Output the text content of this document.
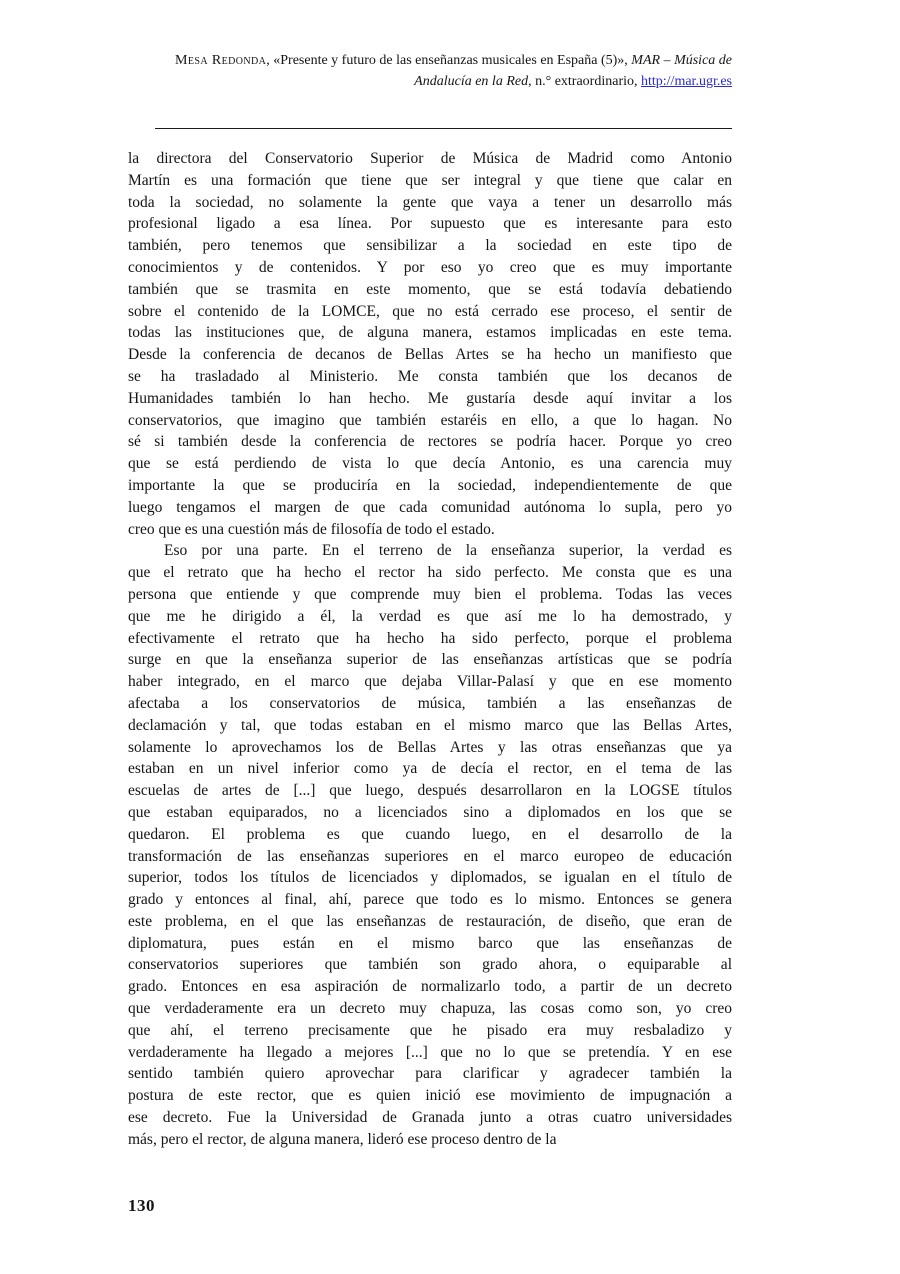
Mesa Redonda, «Presente y futuro de las enseñanzas musicales en España (5)», MAR – Música de
Andalucía en la Red, n.° extraordinario, http://mar.ugr.es
la directora del Conservatorio Superior de Música de Madrid como Antonio
Martín es una formación que tiene que ser integral y que tiene que calar en
toda la sociedad, no solamente la gente que vaya a tener un desarrollo más
profesional ligado a esa línea. Por supuesto que es interesante para esto
también, pero tenemos que sensibilizar a la sociedad en este tipo de
conocimientos y de contenidos. Y por eso yo creo que es muy importante
también que se trasmita en este momento, que se está todavía debatiendo
sobre el contenido de la LOMCE, que no está cerrado ese proceso, el sentir de
todas las instituciones que, de alguna manera, estamos implicadas en este tema.
Desde la conferencia de decanos de Bellas Artes se ha hecho un manifiesto que
se ha trasladado al Ministerio. Me consta también que los decanos de
Humanidades también lo han hecho. Me gustaría desde aquí invitar a los
conservatorios, que imagino que también estaréis en ello, a que lo hagan. No
sé si también desde la conferencia de rectores se podría hacer. Porque yo creo
que se está perdiendo de vista lo que decía Antonio, es una carencia muy
importante la que se produciría en la sociedad, independientemente de que
luego tengamos el margen de que cada comunidad autónoma lo supla, pero yo
creo que es una cuestión más de filosofía de todo el estado.
Eso por una parte. En el terreno de la enseñanza superior, la verdad es
que el retrato que ha hecho el rector ha sido perfecto. Me consta que es una
persona que entiende y que comprende muy bien el problema. Todas las veces
que me he dirigido a él, la verdad es que así me lo ha demostrado, y
efectivamente el retrato que ha hecho ha sido perfecto, porque el problema
surge en que la enseñanza superior de las enseñanzas artísticas que se podría
haber integrado, en el marco que dejaba Villar-Palasí y que en ese momento
afectaba a los conservatorios de música, también a las enseñanzas de
declamación y tal, que todas estaban en el mismo marco que las Bellas Artes,
solamente lo aprovechamos los de Bellas Artes y las otras enseñanzas que ya
estaban en un nivel inferior como ya de decía el rector, en el tema de las
escuelas de artes de [...] que luego, después desarrollaron en la LOGSE títulos
que estaban equiparados, no a licenciados sino a diplomados en los que se
quedaron. El problema es que cuando luego, en el desarrollo de la
transformación de las enseñanzas superiores en el marco europeo de educación
superior, todos los títulos de licenciados y diplomados, se igualan en el título de
grado y entonces al final, ahí, parece que todo es lo mismo. Entonces se genera
este problema, en el que las enseñanzas de restauración, de diseño, que eran de
diplomatura, pues están en el mismo barco que las enseñanzas de
conservatorios superiores que también son grado ahora, o equiparable al
grado. Entonces en esa aspiración de normalizarlo todo, a partir de un decreto
que verdaderamente era un decreto muy chapuza, las cosas como son, yo creo
que ahí, el terreno precisamente que he pisado era muy resbaladizo y
verdaderamente ha llegado a mejores [...] que no lo que se pretendía. Y en ese
sentido también quiero aprovechar para clarificar y agradecer también la
postura de este rector, que es quien inició ese movimiento de impugnación a
ese decreto. Fue la Universidad de Granada junto a otras cuatro universidades
más, pero el rector, de alguna manera, lideró ese proceso dentro de la
130
